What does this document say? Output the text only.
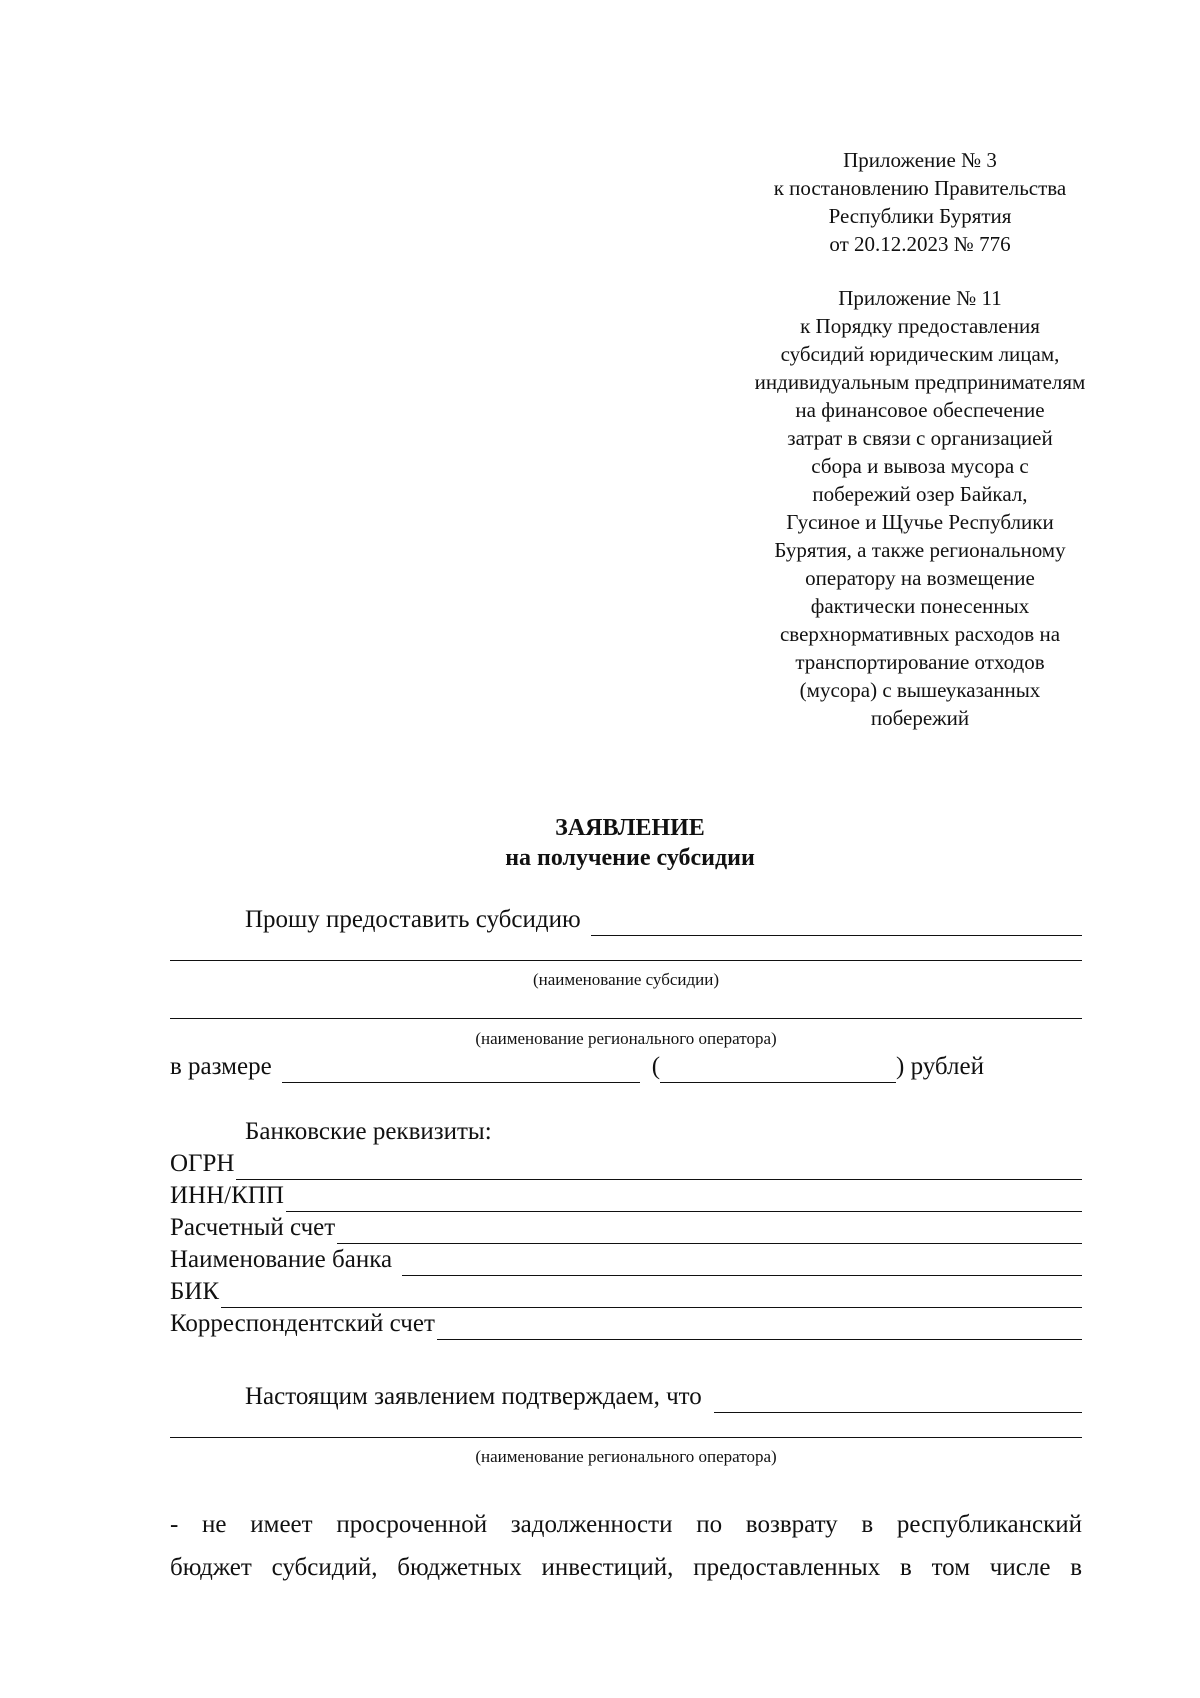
Приложение № 3
к постановлению Правительства
Республики Бурятия
от 20.12.2023 № 776
Приложение № 11
к Порядку предоставления
субсидий юридическим лицам,
индивидуальным предпринимателям
на финансовое обеспечение
затрат в связи с организацией
сбора и вывоза мусора с
побережий озер Байкал,
Гусиное и Щучье Республики
Бурятия, а также региональному
оператору на возмещение
фактически понесенных
сверхнормативных расходов на
транспортирование отходов
(мусора) с вышеуказанных
побережий
ЗАЯВЛЕНИЕ
на получение субсидии
Прошу предоставить субсидию
(наименование субсидии)
(наименование регионального оператора)
в размере	(	) рублей
Банковские реквизиты:
ОГРН
ИНН/КПП
Расчетный счет
Наименование банка
БИК
Корреспондентский счет
Настоящим заявлением подтверждаем, что
(наименование регионального оператора)
- не имеет просроченной задолженности по возврату в республиканский
бюджет субсидий, бюджетных инвестиций, предоставленных в том числе в
